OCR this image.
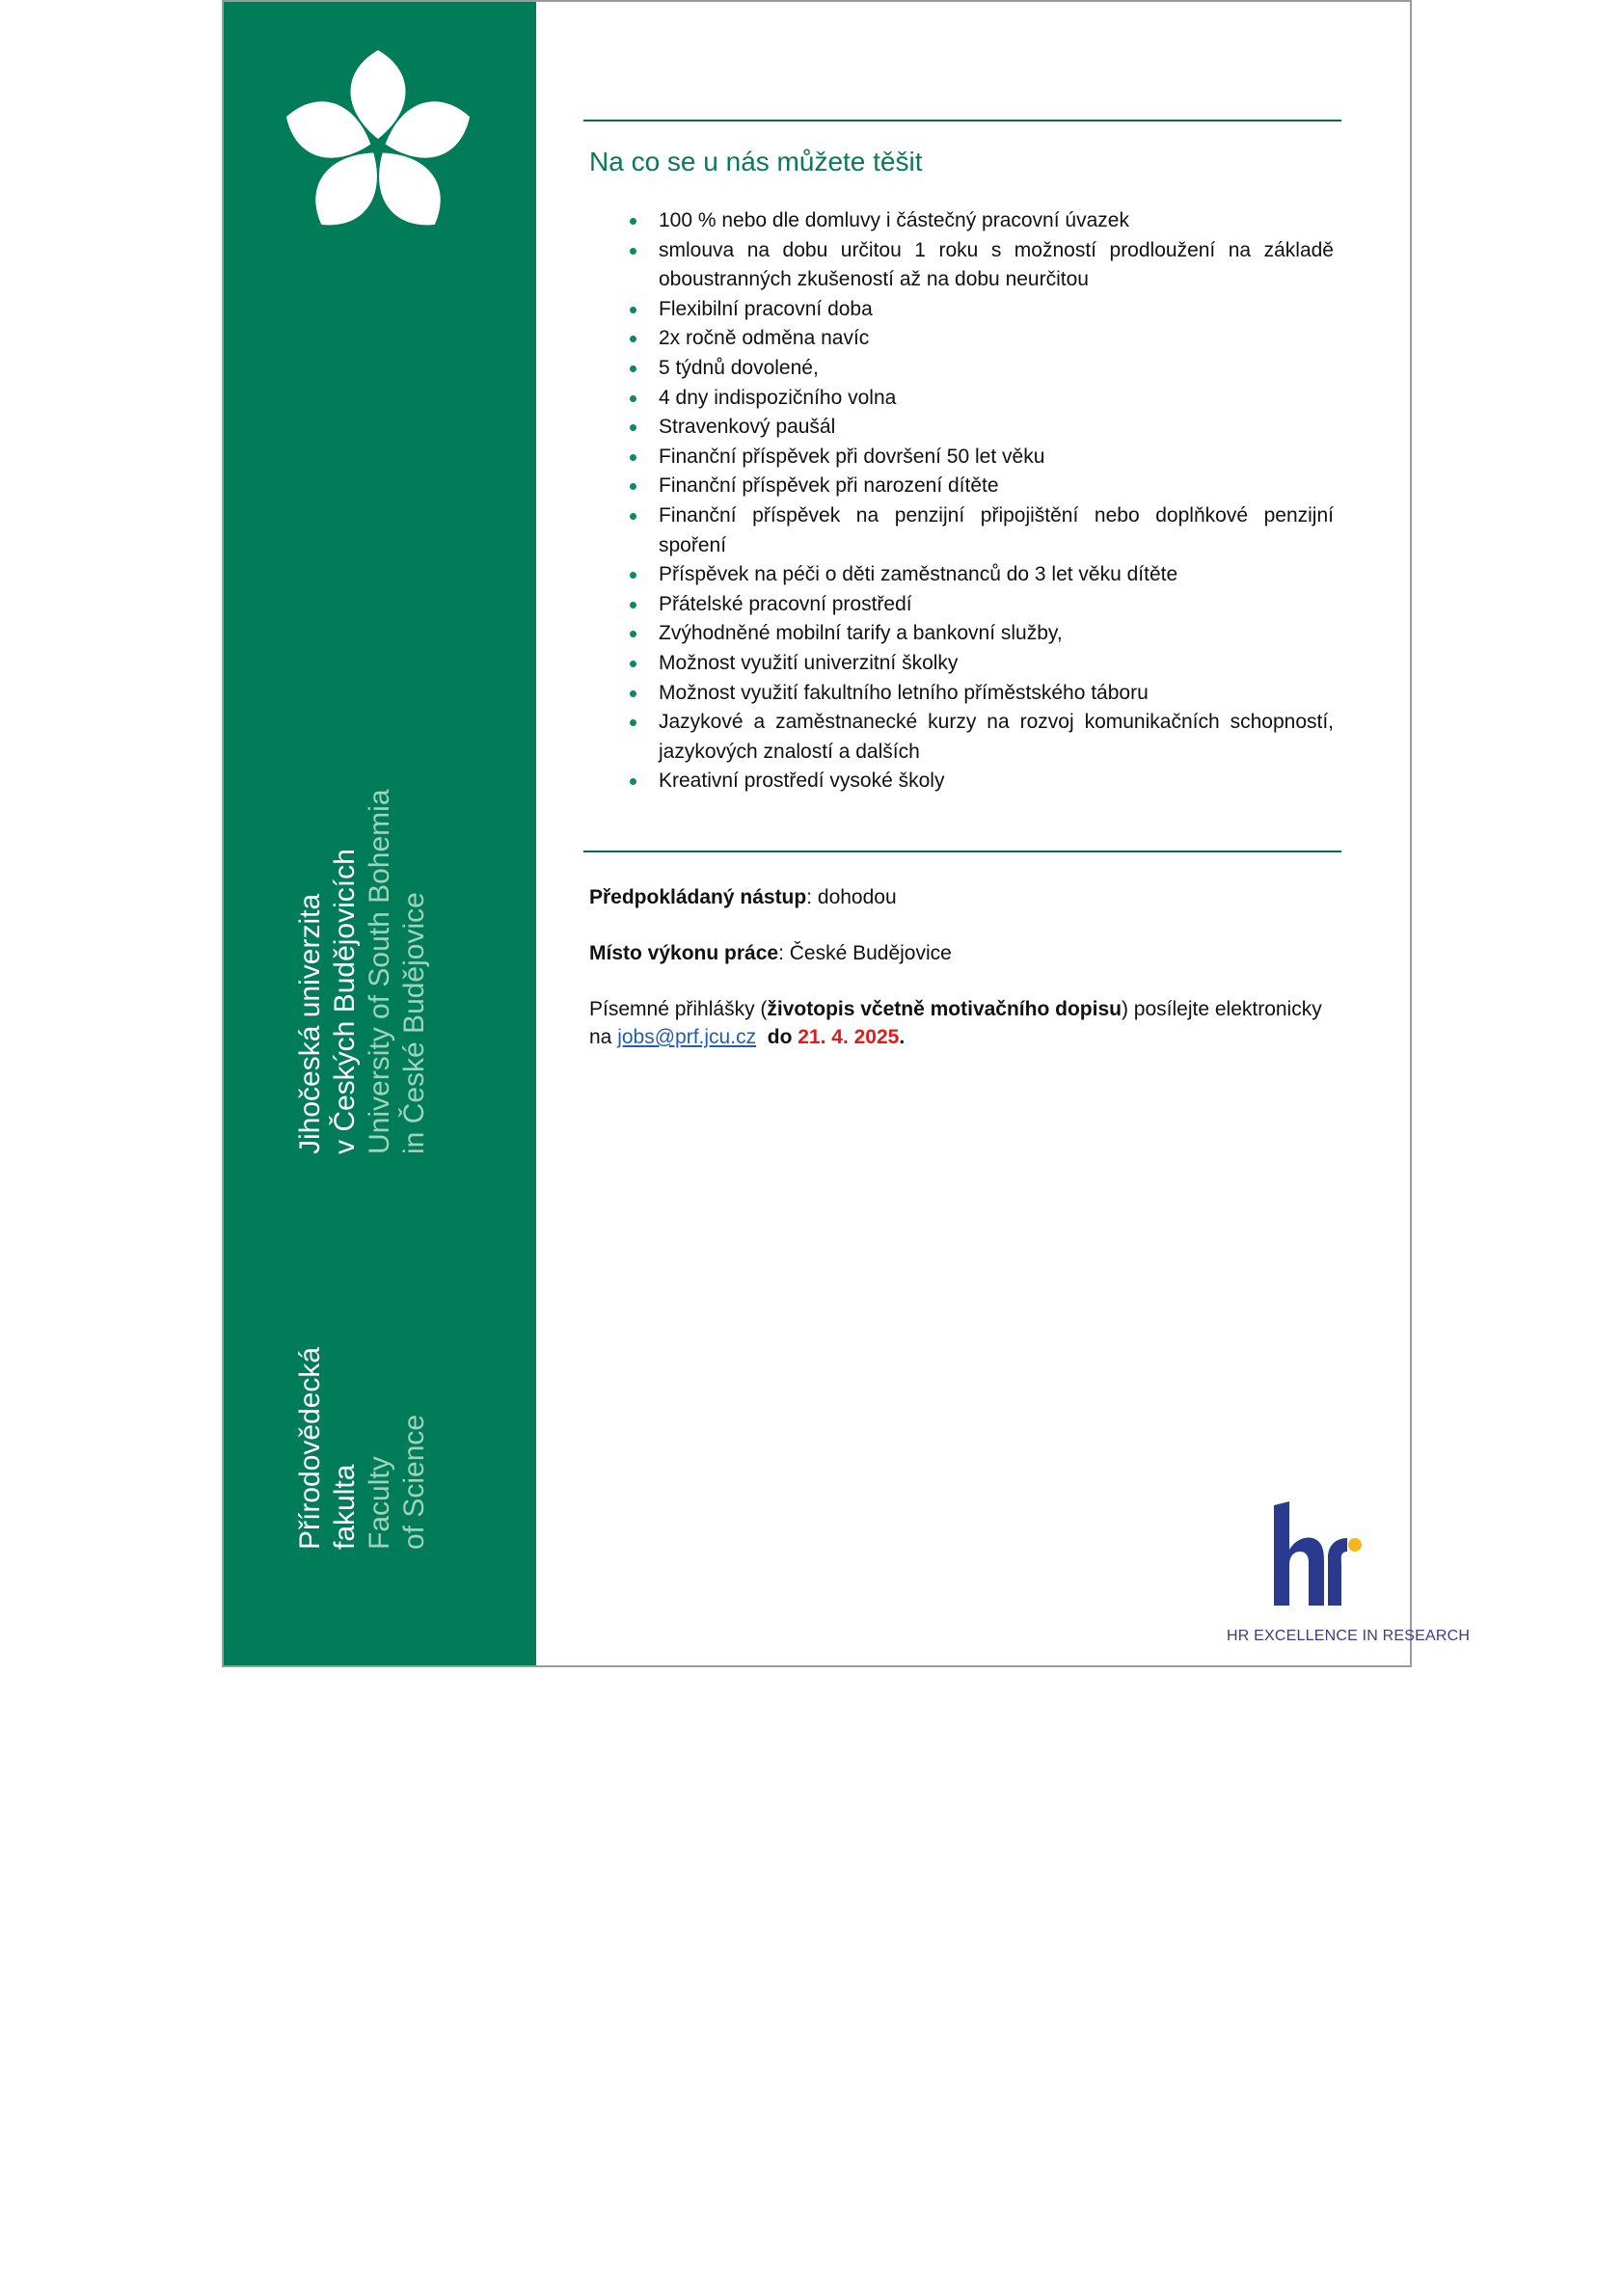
Přírodovědecká fakulta Faculty of Science
Jihočeská univerzita v Českých Budějovicích University of South Bohemia in České Budějovice
Na co se u nás můžete těšit
100 % nebo dle domluvy i částečný pracovní úvazek
smlouva na dobu určitou 1 roku s možností prodloužení na základě oboustranných zkušeností až na dobu neurčitou
Flexibilní pracovní doba
2x ročně odměna navíc
5 týdnů dovolené,
4 dny indispozičního volna
Stravenkový paušál
Finanční příspěvek při dovršení 50 let věku
Finanční příspěvek při narození dítěte
Finanční příspěvek na penzijní připojištění nebo doplňkové penzijní spoření
Příspěvek na péči o děti zaměstnanců do 3 let věku dítěte
Přátelské pracovní prostředí
Zvýhodněné mobilní tarify a bankovní služby,
Možnost využití univerzitní školky
Možnost využití fakultního letního příměstského táboru
Jazykové a zaměstnanecké kurzy na rozvoj komunikačních schopností, jazykových znalostí a dalších
Kreativní prostředí vysoké školy

Předpokládaný nástup: dohodou

Místo výkonu práce: České Budějovice

Písemné přihlášky (životopis včetně motivačního dopisu) posílejte elektronicky
na jobs@prf.jcu.cz do 21. 4. 2025.

HR EXCELLENCE IN RESEARCH
